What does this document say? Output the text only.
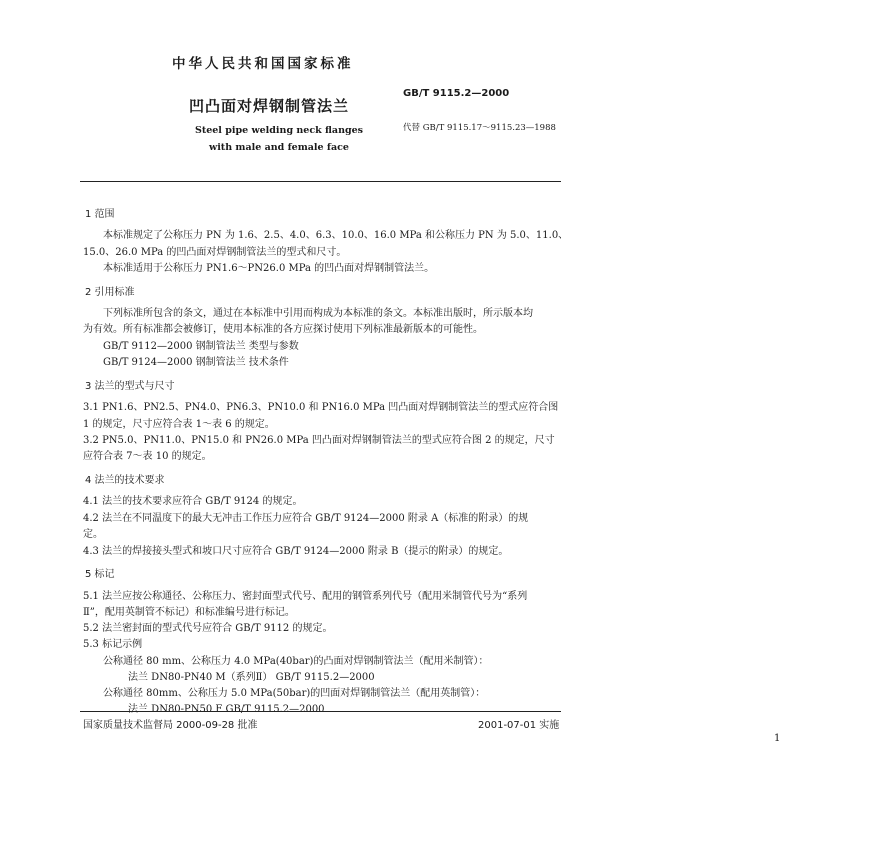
中华人民共和国国家标准
GB/T 9115.2—2000
凹凸面对焊钢制管法兰
代替 GB/T 9115.17～9115.23—1988
Steel pipe welding neck flanges
with male and female face
1 范围
本标准规定了公称压力 PN 为 1.6、2.5、4.0、6.3、10.0、16.0 MPa 和公称压力 PN 为 5.0、11.0、
15.0、26.0 MPa 的凹凸面对焊钢制管法兰的型式和尺寸。
本标准适用于公称压力 PN1.6～PN26.0 MPa 的凹凸面对焊钢制管法兰。
2 引用标准
下列标准所包含的条文，通过在本标准中引用而构成为本标准的条文。本标准出版时，所示版本均
为有效。所有标准都会被修订，使用本标准的各方应探讨使用下列标准最新版本的可能性。
GB/T 9112—2000 钢制管法兰 类型与参数
GB/T 9124—2000 钢制管法兰 技术条件
3 法兰的型式与尺寸
3.1 PN1.6、PN2.5、PN4.0、PN6.3、PN10.0 和 PN16.0 MPa 凹凸面对焊钢制管法兰的型式应符合图
1 的规定，尺寸应符合表 1～表 6 的规定。
3.2 PN5.0、PN11.0、PN15.0 和 PN26.0 MPa 凹凸面对焊钢制管法兰的型式应符合图 2 的规定，尺寸
应符合表 7～表 10 的规定。
4 法兰的技术要求
4.1 法兰的技术要求应符合 GB/T 9124 的规定。
4.2 法兰在不同温度下的最大无冲击工作压力应符合 GB/T 9124—2000 附录 A（标准的附录）的规
定。
4.3 法兰的焊接接头型式和坡口尺寸应符合 GB/T 9124—2000 附录 B（提示的附录）的规定。
5 标记
5.1 法兰应按公称通径、公称压力、密封面型式代号、配用的钢管系列代号（配用米制管代号为“系列
Ⅱ”，配用英制管不标记）和标准编号进行标记。
5.2 法兰密封面的型式代号应符合 GB/T 9112 的规定。
5.3 标记示例
公称通径 80 mm、公称压力 4.0 MPa(40bar)的凸面对焊钢制管法兰（配用米制管）：
法兰 DN80-PN40 M（系列Ⅱ） GB/T 9115.2—2000
公称通径 80mm、公称压力 5.0 MPa(50bar)的凹面对焊钢制管法兰（配用英制管）：
法兰 DN80-PN50 F GB/T 9115.2—2000
国家质量技术监督局 2000-09-28 批准	2001-07-01 实施
1
